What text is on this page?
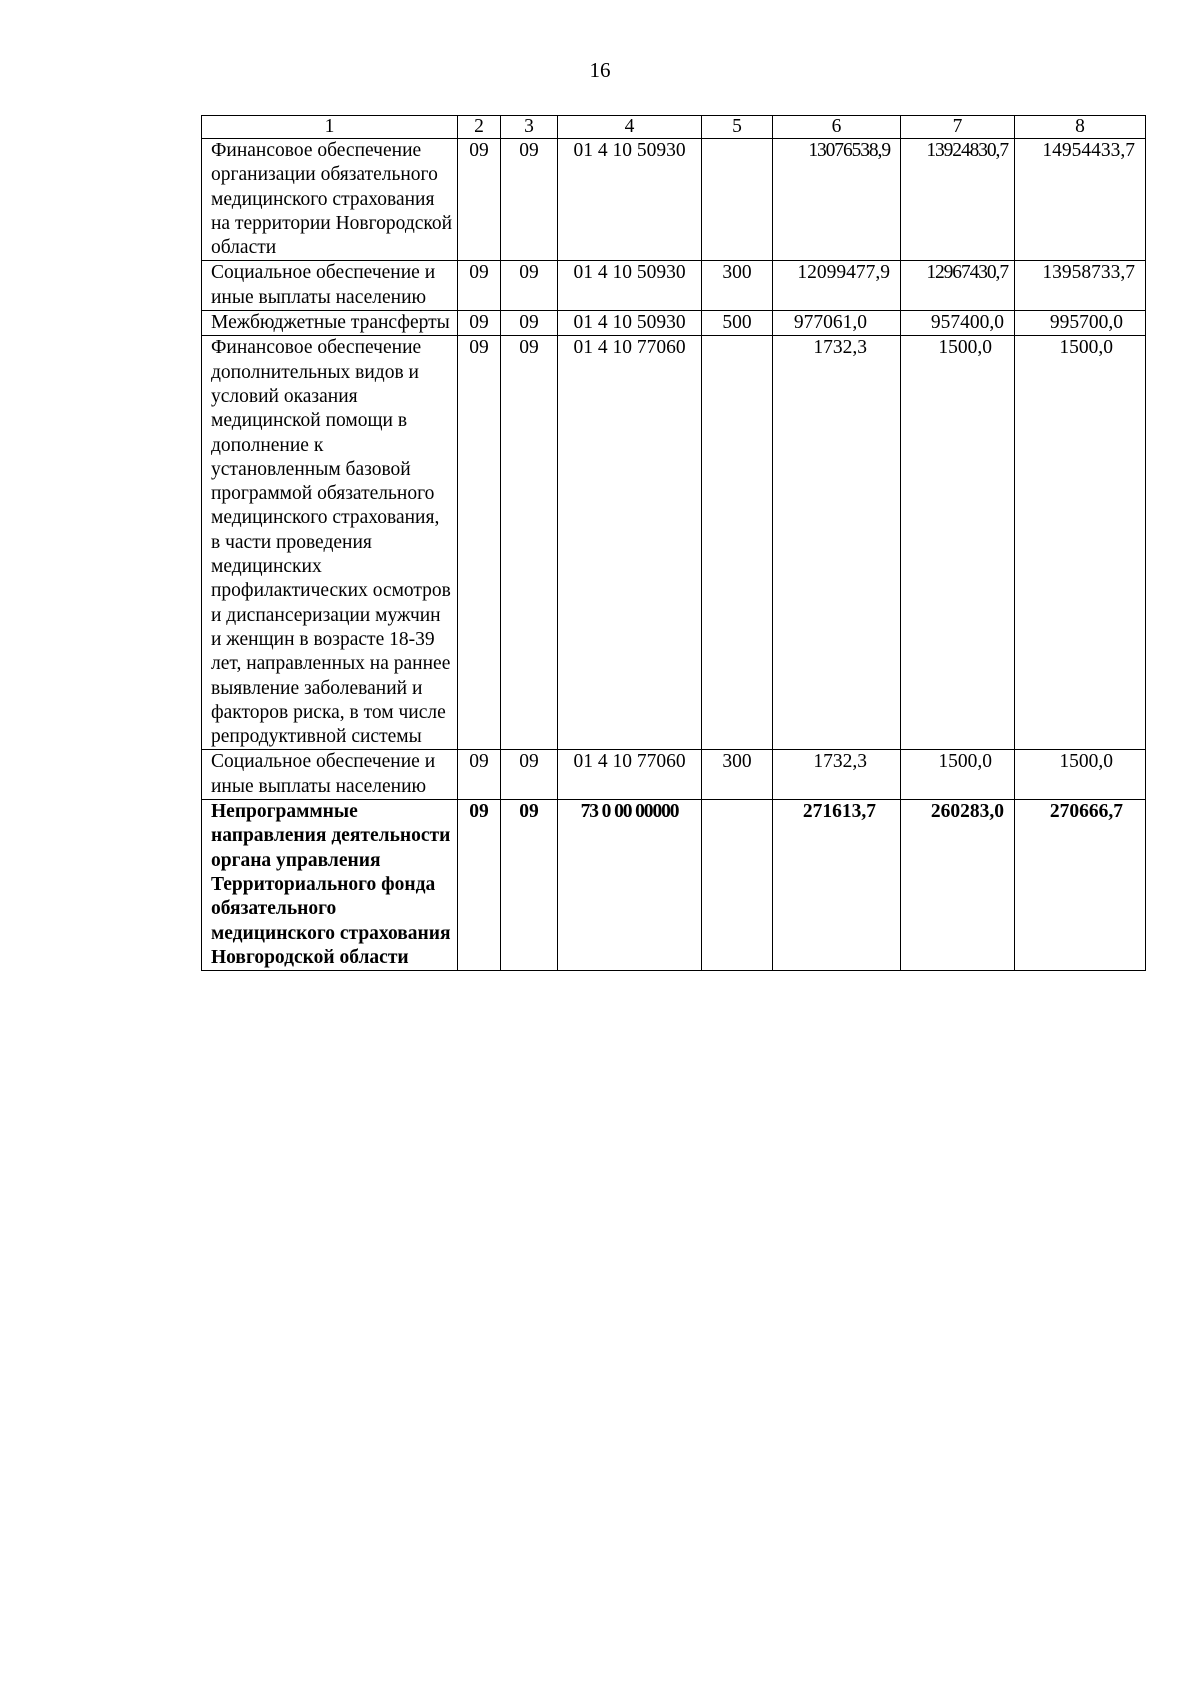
16
1	2	3	4	5	6	7	8
Финансовое обеспечение организации обязательного медицинского страхования на территории Новгородской области	09	09	01 4 10 50930		13076538,9	13924830,7	14954433,7
Социальное обеспечение и иные выплаты населению	09	09	01 4 10 50930	300	12099477,9	12967430,7	13958733,7
Межбюджетные трансферты	09	09	01 4 10 50930	500	977061,0	957400,0	995700,0
Финансовое обеспечение дополнительных видов и условий оказания медицинской помощи в дополнение к установленным базовой программой обязательного медицинского страхования, в части проведения медицинских профилактических осмотров и диспансеризации мужчин и женщин в возрасте 18-39 лет, направленных на раннее выявление заболеваний и факторов риска, в том числе репродуктивной системы	09	09	01 4 10 77060		1732,3	1500,0	1500,0
Социальное обеспечение и иные выплаты населению	09	09	01 4 10 77060	300	1732,3	1500,0	1500,0
Непрограммные направления деятельности органа управления Территориального фонда обязательного медицинского страхования Новгородской области	09	09	73 0 00 00000		271613,7	260283,0	270666,7
